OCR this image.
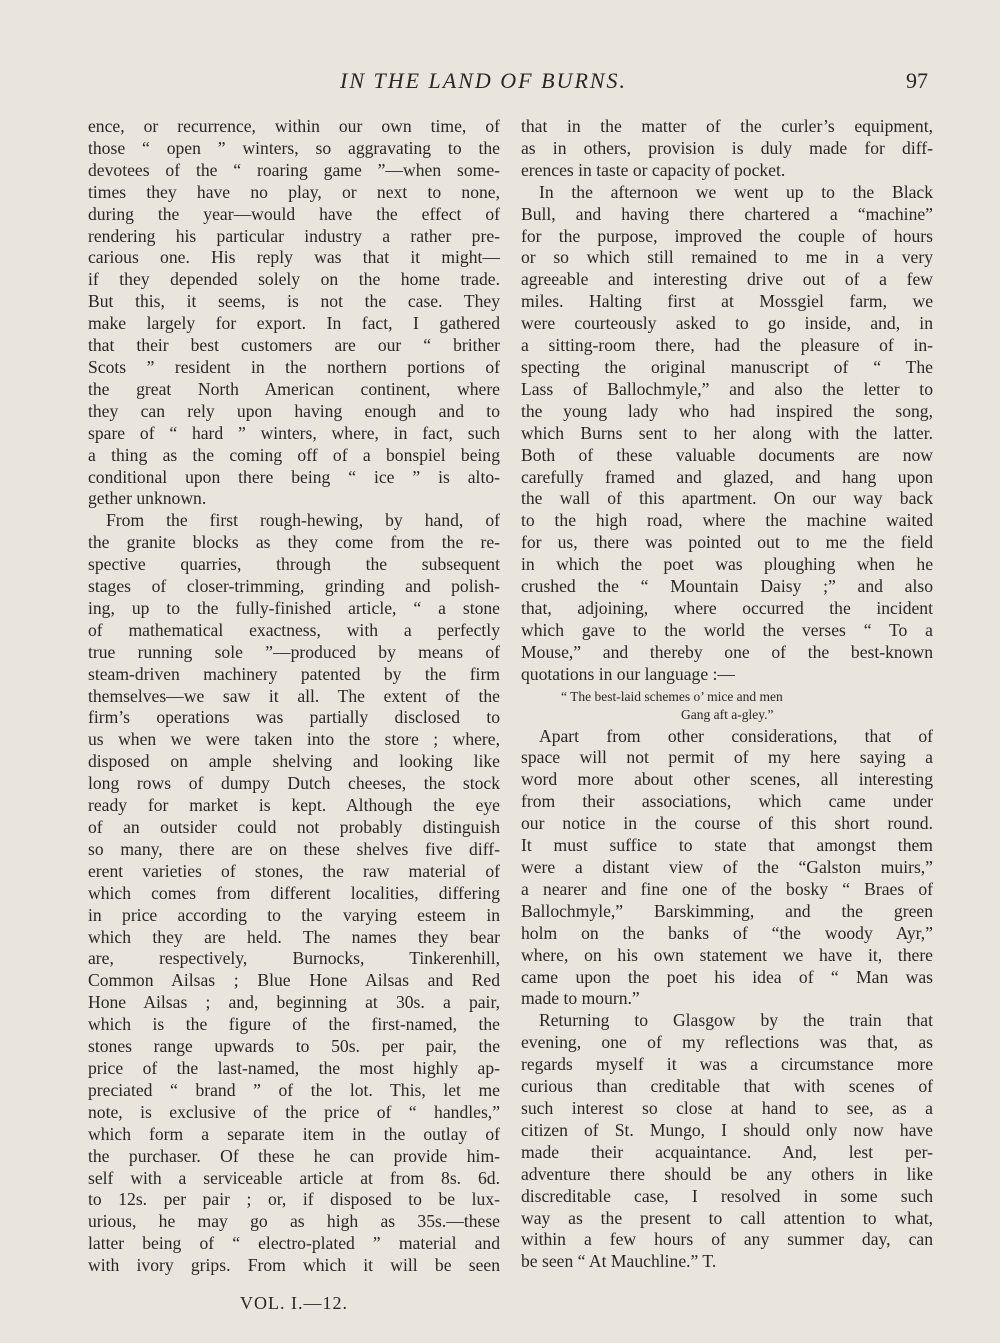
IN THE LAND OF BURNS.	97
ence, or recurrence, within our own time, of
those “ open ” winters, so aggravating to the
devotees of the “ roaring game ”—when some-
times they have no play, or next to none,
during the year—would have the effect of
rendering his particular industry a rather pre-
carious one. His reply was that it might—
if they depended solely on the home trade.
But this, it seems, is not the case. They
make largely for export. In fact, I gathered
that their best customers are our “ brither
Scots ” resident in the northern portions of
the great North American continent, where
they can rely upon having enough and to
spare of “ hard ” winters, where, in fact, such
a thing as the coming off of a bonspiel being
conditional upon there being “ ice ” is alto-
gether unknown.
From the first rough-hewing, by hand, of
the granite blocks as they come from the re-
spective quarries, through the subsequent
stages of closer-trimming, grinding and polish-
ing, up to the fully-finished article, “ a stone
of mathematical exactness, with a perfectly
true running sole ”—produced by means of
steam-driven machinery patented by the firm
themselves—we saw it all. The extent of the
firm’s operations was partially disclosed to
us when we were taken into the store ; where,
disposed on ample shelving and looking like
long rows of dumpy Dutch cheeses, the stock
ready for market is kept. Although the eye
of an outsider could not probably distinguish
so many, there are on these shelves five diff-
erent varieties of stones, the raw material of
which comes from different localities, differing
in price according to the varying esteem in
which they are held. The names they bear
are, respectively, Burnocks, Tinkerenhill,
Common Ailsas ; Blue Hone Ailsas and Red
Hone Ailsas ; and, beginning at 30s. a pair,
which is the figure of the first-named, the
stones range upwards to 50s. per pair, the
price of the last-named, the most highly ap-
preciated “ brand ” of the lot. This, let me
note, is exclusive of the price of “ handles,”
which form a separate item in the outlay of
the purchaser. Of these he can provide him-
self with a serviceable article at from 8s. 6d.
to 12s. per pair ; or, if disposed to be lux-
urious, he may go as high as 35s.—these
latter being of “ electro-plated ” material and
with ivory grips. From which it will be seen
that in the matter of the curler’s equipment,
as in others, provision is duly made for diff-
erences in taste or capacity of pocket.
In the afternoon we went up to the Black
Bull, and having there chartered a “machine”
for the purpose, improved the couple of hours
or so which still remained to me in a very
agreeable and interesting drive out of a few
miles. Halting first at Mossgiel farm, we
were courteously asked to go inside, and, in
a sitting-room there, had the pleasure of in-
specting the original manuscript of “ The
Lass of Ballochmyle,” and also the letter to
the young lady who had inspired the song,
which Burns sent to her along with the latter.
Both of these valuable documents are now
carefully framed and glazed, and hang upon
the wall of this apartment. On our way back
to the high road, where the machine waited
for us, there was pointed out to me the field
in which the poet was ploughing when he
crushed the “ Mountain Daisy ;” and also
that, adjoining, where occurred the incident
which gave to the world the verses “ To a
Mouse,” and thereby one of the best-known
quotations in our language :—
“ The best-laid schemes o’ mice and men
Gang aft a-gley.”
Apart from other considerations, that of
space will not permit of my here saying a
word more about other scenes, all interesting
from their associations, which came under
our notice in the course of this short round.
It must suffice to state that amongst them
were a distant view of the “Galston muirs,”
a nearer and fine one of the bosky “ Braes of
Ballochmyle,” Barskimming, and the green
holm on the banks of “the woody Ayr,”
where, on his own statement we have it, there
came upon the poet his idea of “ Man was
made to mourn.”
Returning to Glasgow by the train that
evening, one of my reflections was that, as
regards myself it was a circumstance more
curious than creditable that with scenes of
such interest so close at hand to see, as a
citizen of St. Mungo, I should only now have
made their acquaintance. And, lest per-
adventure there should be any others in like
discreditable case, I resolved in some such
way as the present to call attention to what,
within a few hours of any summer day, can
be seen “ At Mauchline.” T.
VOL. I.—12.
